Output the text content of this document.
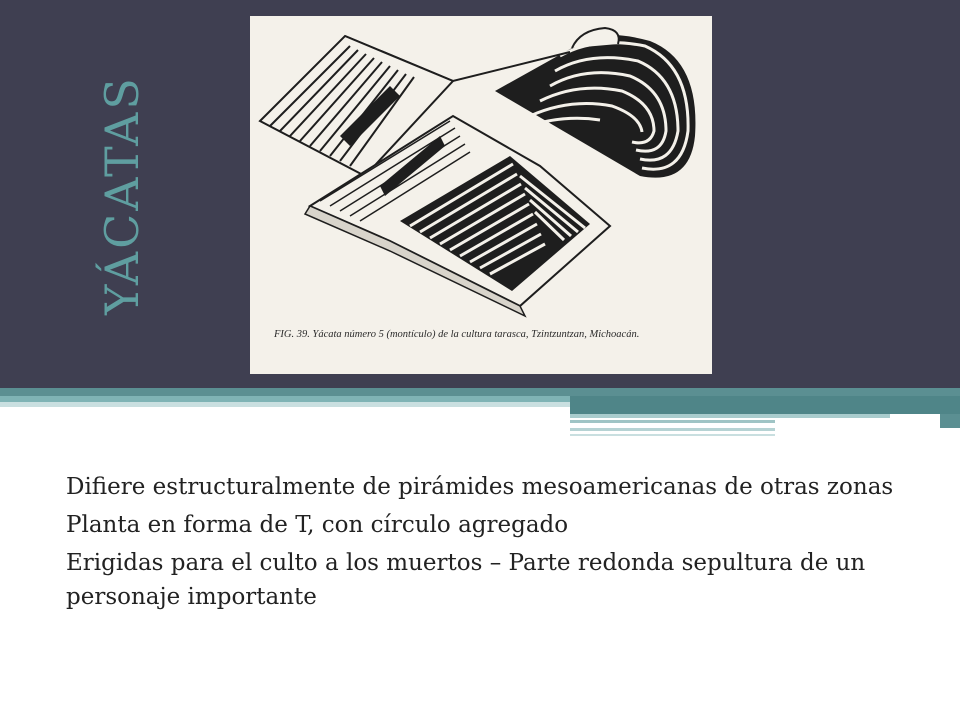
YÁCATAS
FIG. 39. Yácata número 5 (montículo) de la cultura tarasca, Tzintzuntzan, Michoacán.
Difiere estructuralmente de pirámides mesoamericanas de otras zonas
Planta en forma de T, con círculo agregado
Erigidas para el culto a los muertos – Parte redonda sepultura de un personaje importante
